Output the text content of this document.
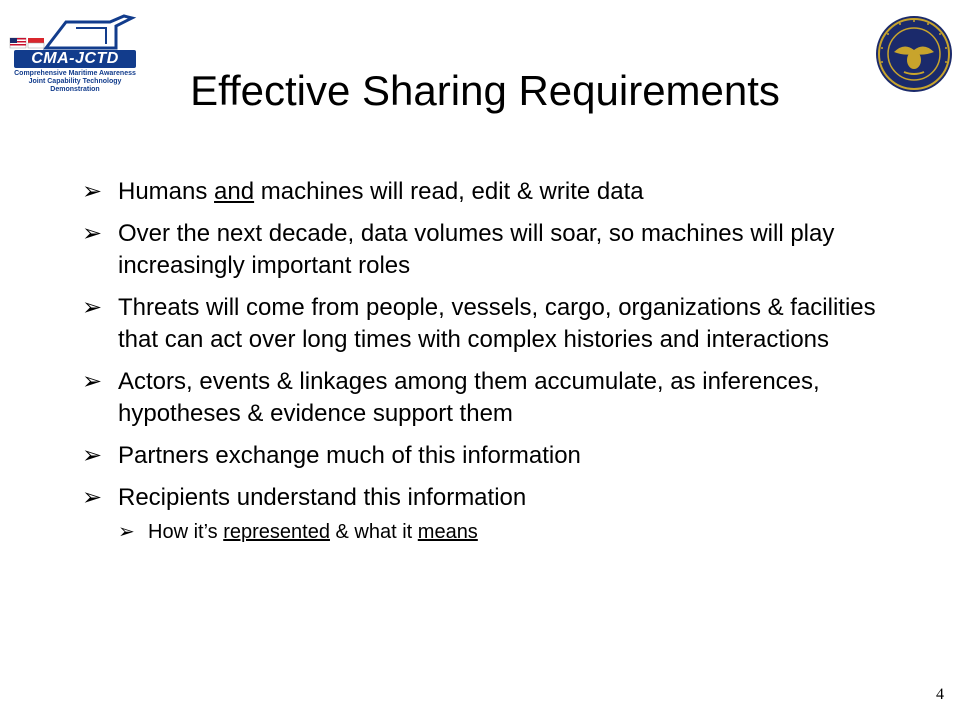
CMA-JCTD
Comprehensive Maritime Awareness Joint Capability Technology Demonstration	Effective Sharing Requirements
➢ Humans and machines will read, edit & write data
➢ Over the next decade, data volumes will soar, so machines will play increasingly important roles
➢ Threats will come from people, vessels, cargo, organizations & facilities that can act over long times with complex histories and interactions
➢ Actors, events & linkages among them accumulate, as inferences, hypotheses & evidence support them
➢ Partners exchange much of this information
➢ Recipients understand this information
➢ How it’s represented & what it means
4
